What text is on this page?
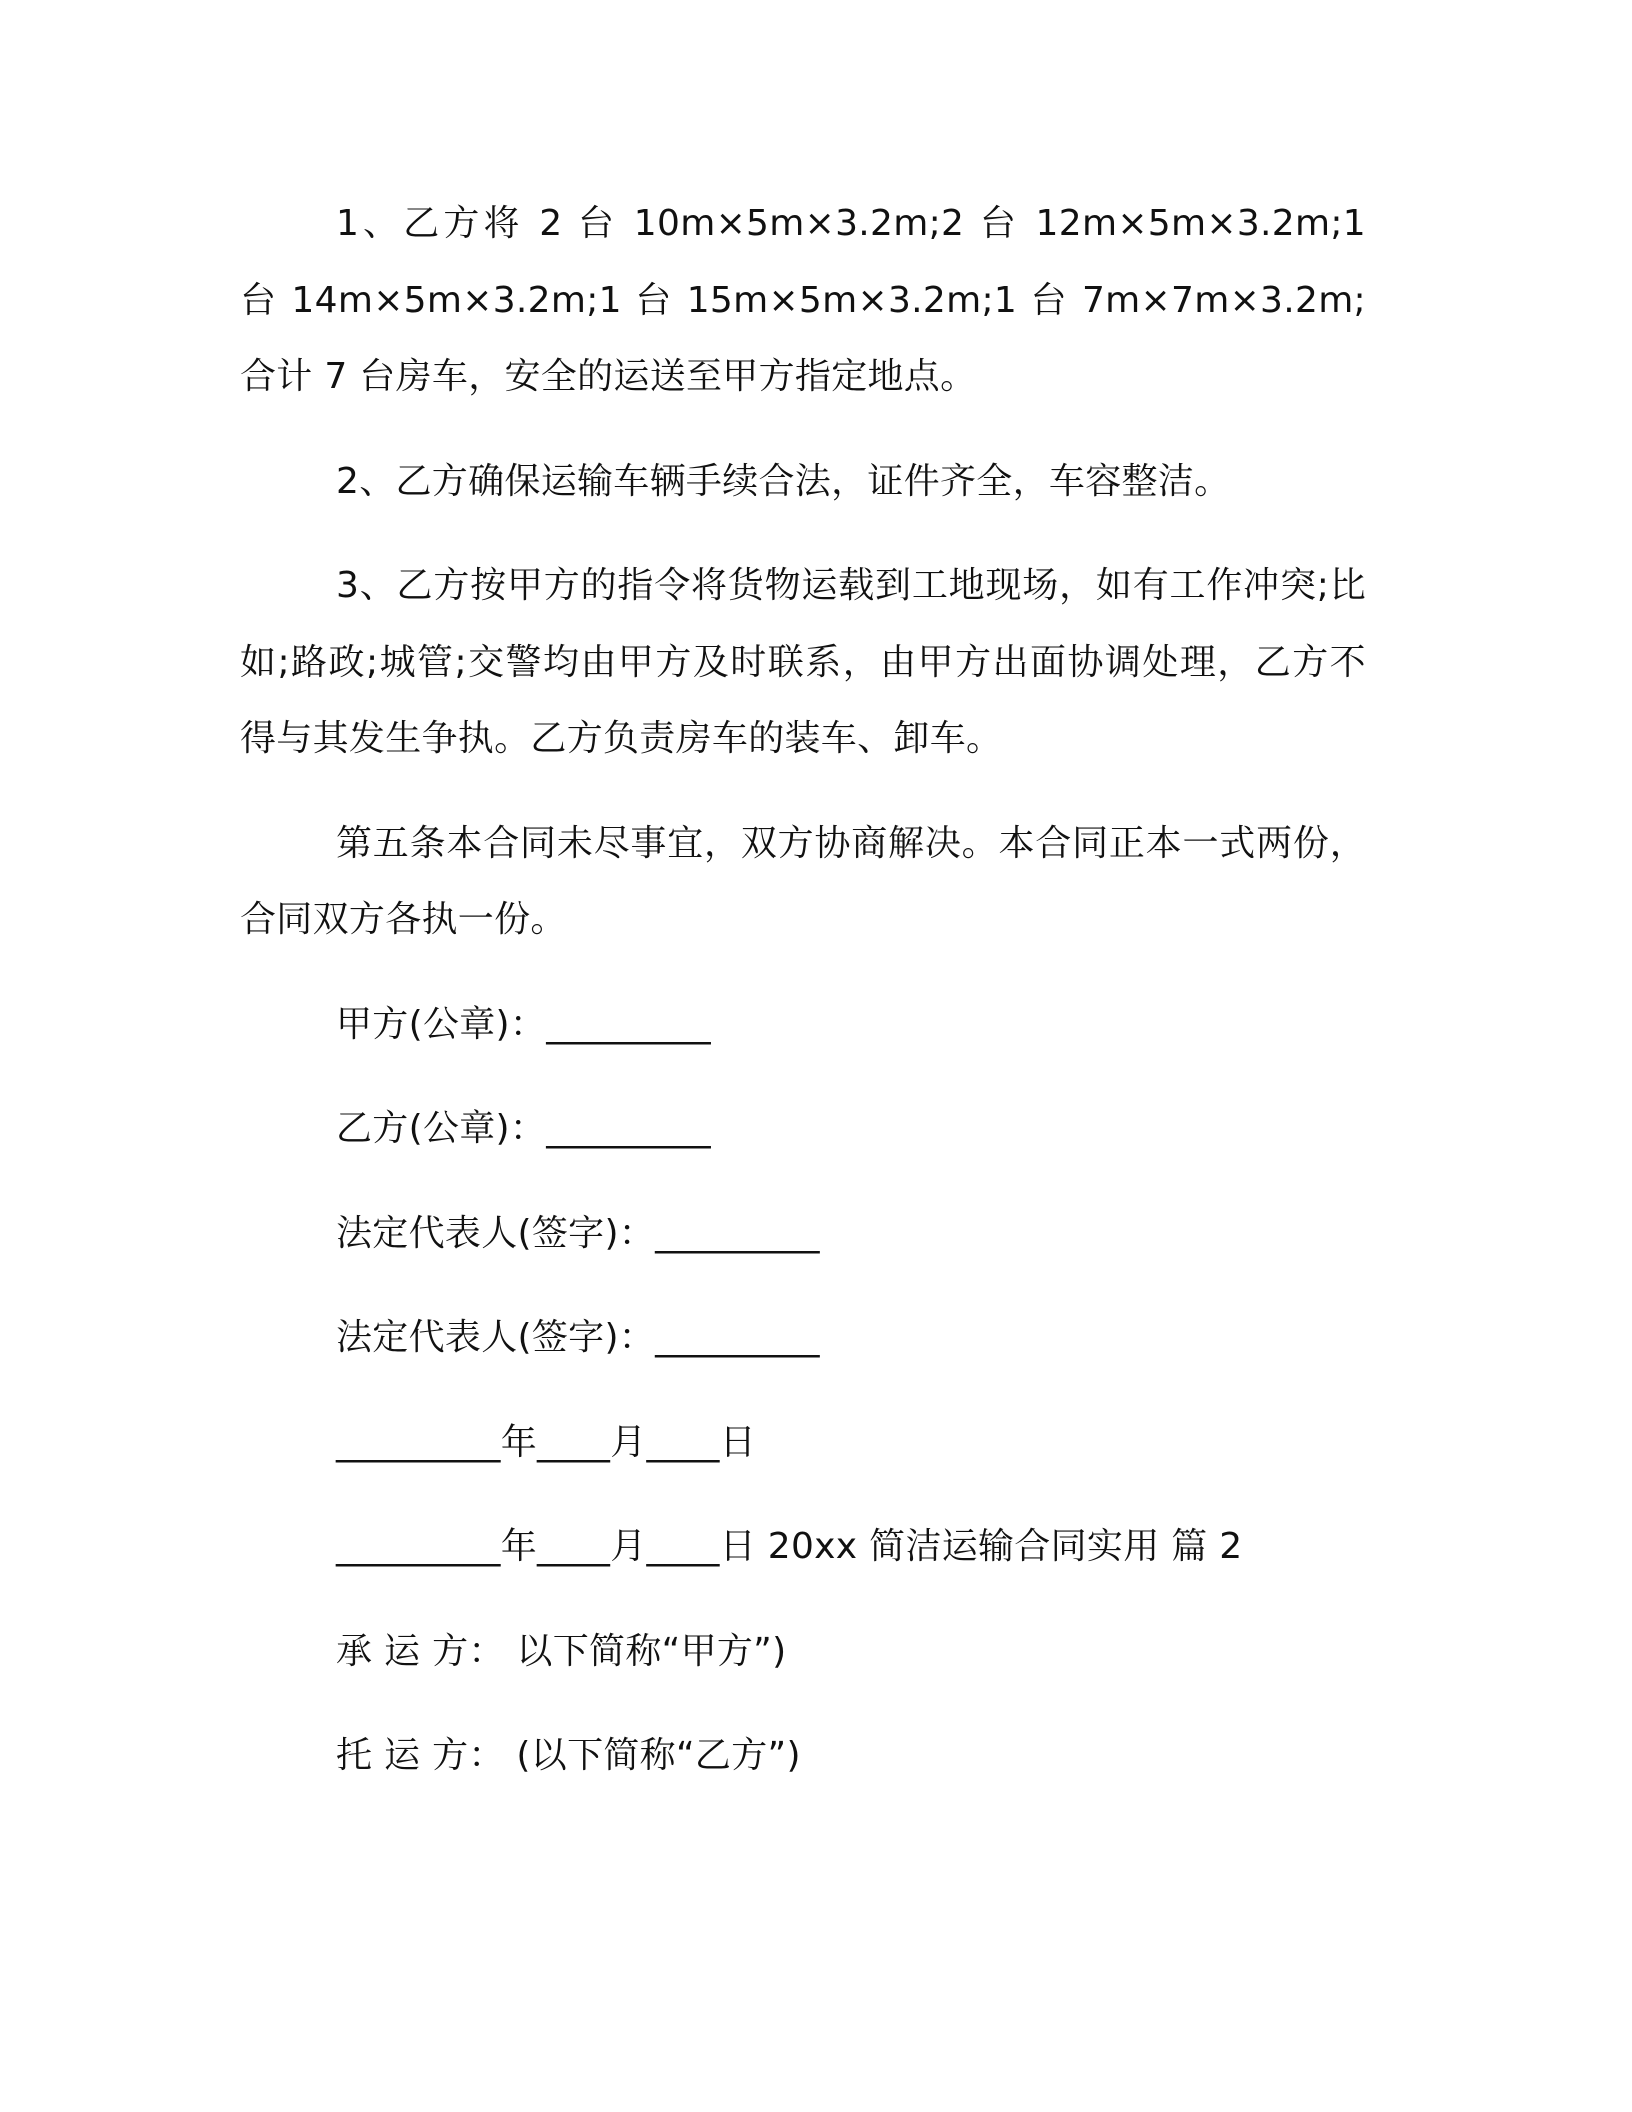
1、乙方将 2 台 10m×5m×3.2m;2 台 12m×5m×3.2m;1 台 14m×5m×3.2m;1 台 15m×5m×3.2m;1 台 7m×7m×3.2m;合计 7 台房车，安全的运送至甲方指定地点。

2、乙方确保运输车辆手续合法，证件齐全，车容整洁。

3、乙方按甲方的指令将货物运载到工地现场，如有工作冲突;比如;路政;城管;交警均由甲方及时联系，由甲方出面协调处理，乙方不得与其发生争执。乙方负责房车的装车、卸车。

第五条本合同未尽事宜，双方协商解决。本合同正本一式两份，合同双方各执一份。

甲方(公章)：_________

乙方(公章)：_________

法定代表人(签字)：_________

法定代表人(签字)：_________

_________年____月____日

_________年____月____日 20xx 简洁运输合同实用 篇 2

承 运 方： 以下简称“甲方”)

托 运 方： (以下简称“乙方”)
